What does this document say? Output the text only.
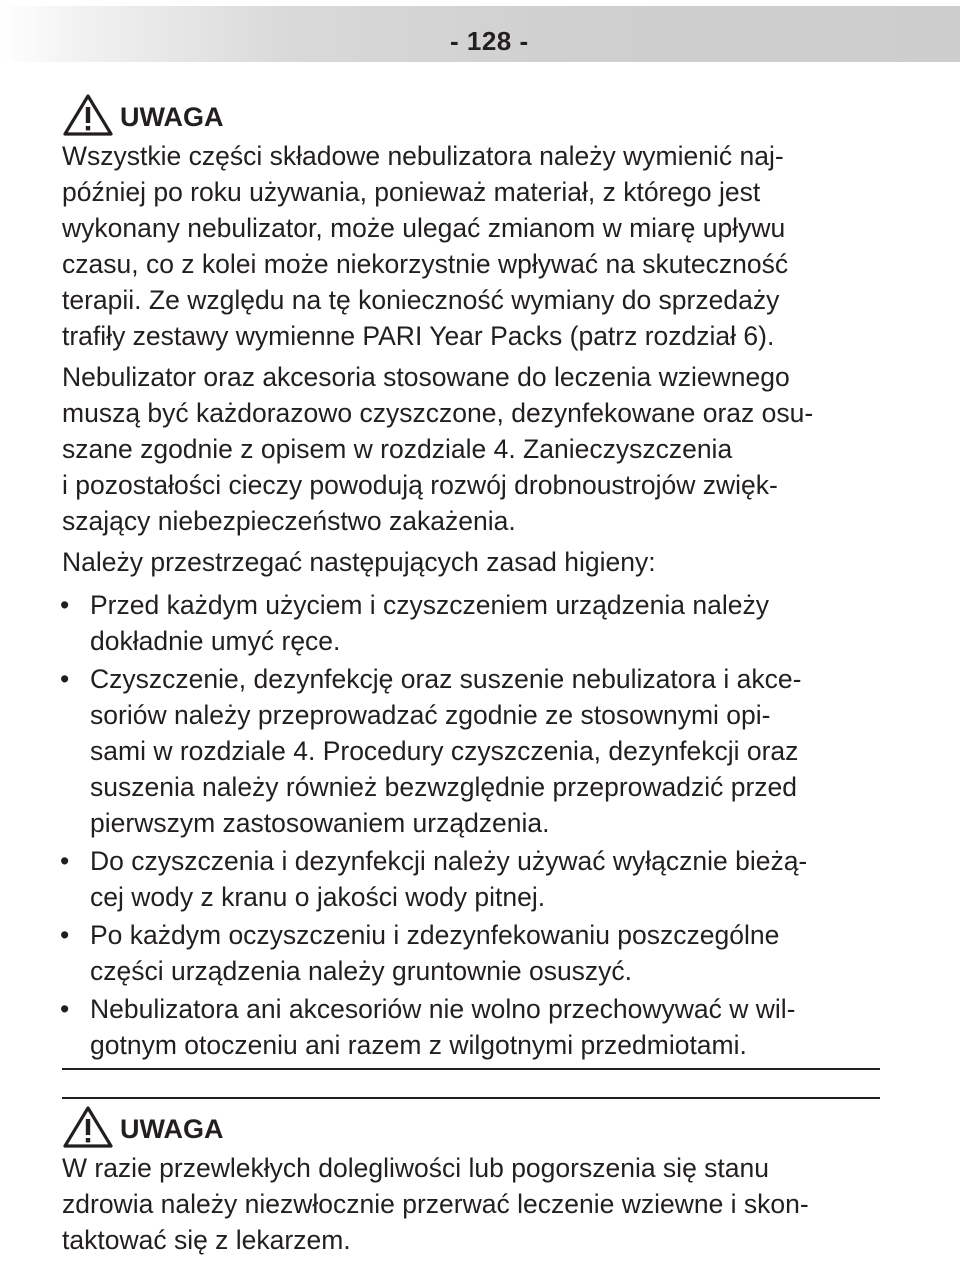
- 128 -
UWAGA
Wszystkie części składowe nebulizatora należy wymienić naj-
później po roku używania, ponieważ materiał, z którego jest
wykonany nebulizator, może ulegać zmianom w miarę upływu
czasu, co z kolei może niekorzystnie wpływać na skuteczność
terapii. Ze względu na tę konieczność wymiany do sprzedaży
trafiły zestawy wymienne PARI Year Packs (patrz rozdział 6).
Nebulizator oraz akcesoria stosowane do leczenia wziewnego
muszą być każdorazowo czyszczone, dezynfekowane oraz osu-
szane zgodnie z opisem w rozdziale 4. Zanieczyszczenia
i pozostałości cieczy powodują rozwój drobnoustrojów zwięk-
szający niebezpieczeństwo zakażenia.
Należy przestrzegać następujących zasad higieny:
• Przed każdym użyciem i czyszczeniem urządzenia należy
dokładnie umyć ręce.
• Czyszczenie, dezynfekcję oraz suszenie nebulizatora i akce-
soriów należy przeprowadzać zgodnie ze stosownymi opi-
sami w rozdziale 4. Procedury czyszczenia, dezynfekcji oraz
suszenia należy również bezwzględnie przeprowadzić przed
pierwszym zastosowaniem urządzenia.
• Do czyszczenia i dezynfekcji należy używać wyłącznie bieżą-
cej wody z kranu o jakości wody pitnej.
• Po każdym oczyszczeniu i zdezynfekowaniu poszczególne
części urządzenia należy gruntownie osuszyć.
• Nebulizatora ani akcesoriów nie wolno przechowywać w wil-
gotnym otoczeniu ani razem z wilgotnymi przedmiotami.
UWAGA
W razie przewlekłych dolegliwości lub pogorszenia się stanu
zdrowia należy niezwłocznie przerwać leczenie wziewne i skon-
taktować się z lekarzem.
